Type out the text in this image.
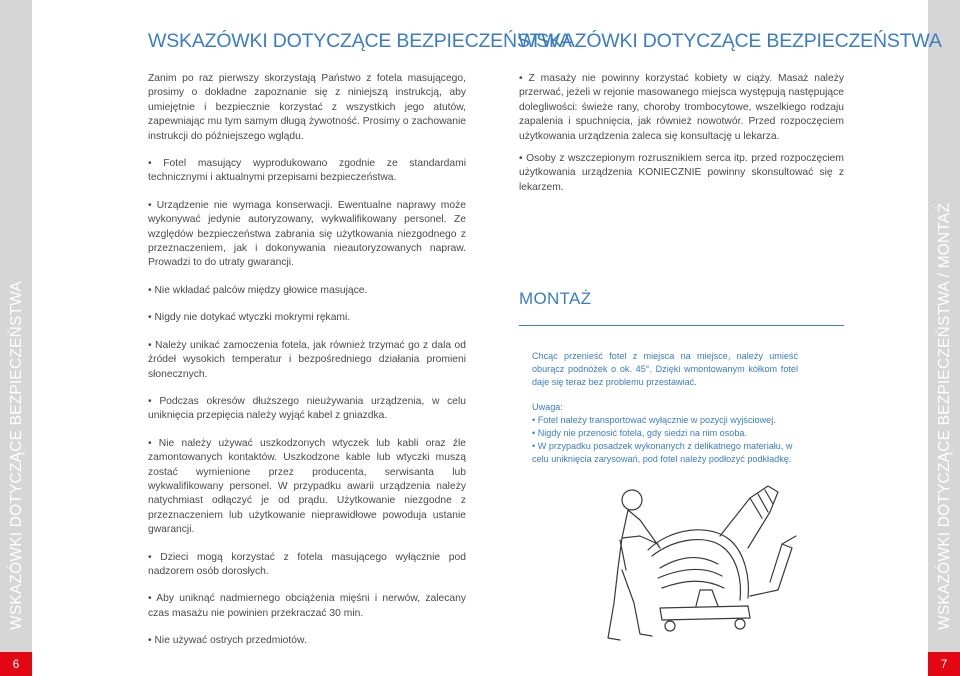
WSKAZÓWKI DOTYCZĄCE BEZPIECZEŃSTWA	WSKAZÓWKI DOTYCZĄCE BEZPIECZEŃSTWA / MONTAŻ
6	7
WSKAZÓWKI DOTYCZĄCE BEZPIECZEŃSTWA
WSKAZÓWKI DOTYCZĄCE BEZPIECZEŃSTWA

Zanim po raz pierwszy skorzystają Państwo z fotela masującego, prosimy o dokładne zapoznanie się z niniejszą instrukcją, aby umiejętnie i bezpiecznie korzystać z wszystkich jego atutów, zapewniając mu tym samym długą żywotność. Prosimy o zachowanie instrukcji do późniejszego wglądu.

• Fotel masujący wyprodukowano zgodnie ze standardami technicznymi i aktualnymi przepisami bezpieczeństwa.

• Urządzenie nie wymaga konserwacji. Ewentualne naprawy może wykonywać jedynie autoryzowany, wykwalifikowany personel. Ze względów bezpieczeństwa zabrania się użytkowania niezgodnego z przeznaczeniem, jak i dokonywania nieautoryzowanych napraw. Prowadzi to do utraty gwarancji.

• Nie wkładać palców między głowice masujące.

• Nigdy nie dotykać wtyczki mokrymi rękami.

• Należy unikać zamoczenia fotela, jak również trzymać go z dala od źródeł wysokich temperatur i bezpośredniego działania promieni słonecznych.

• Podczas okresów dłuższego nieużywania urządzenia, w celu uniknięcia przepięcia należy wyjąć kabel z gniazdka.

• Nie należy używać uszkodzonych wtyczek lub kabli oraz źle zamontowanych kontaktów. Uszkodzone kable lub wtyczki muszą zostać wymienione przez producenta, serwisanta lub wykwalifikowany personel. W przypadku awarii urządzenia należy natychmiast odłączyć je od prądu. Użytkowanie niezgodne z przeznaczeniem lub użytkowanie nieprawidłowe powoduja ustanie gwarancji.

• Dzieci mogą korzystać z fotela masującego wyłącznie pod nadzorem osób dorosłych.

• Aby uniknąć nadmiernego obciążenia mięśni i nerwów, zalecany czas masażu nie powinien przekraczać 30 min.

• Nie używać ostrych przedmiotów.

• Z masaży nie powinny korzystać kobiety w ciąży. Masaż należy przerwać, jeżeli w rejonie masowanego miejsca występują następujące dolegliwości: świeże rany, choroby trombocytowe, wszelkiego rodzaju zapalenia i spuchnięcia, jak również nowotwór. Przed rozpoczęciem użytkowania urządzenia zaleca się konsultację u lekarza.

• Osoby z wszczepionym rozrusznikiem serca itp. przed rozpoczęciem użytkowania urządzenia KONIECZNIE powinny skonsultować się z lekarzem.

MONTAŻ

Chcąc przenieść fotel z miejsca na miejsce, należy umieść oburącz podnóżek o ok. 45°. Dzięki wmontowanym kółkom fotel daje się teraz bez problemu przestawiać.

Uwaga:

• Fotel należy transportować wyłącznie w pozycji wyjściowej.
• Nigdy nie przenosić fotela, gdy siedzi na nim osoba.
• W przypadku posadzek wykonanych z delikatnego materiału, w celu uniknięcia zarysowań, pod fotel należy podłożyć podkładkę.
